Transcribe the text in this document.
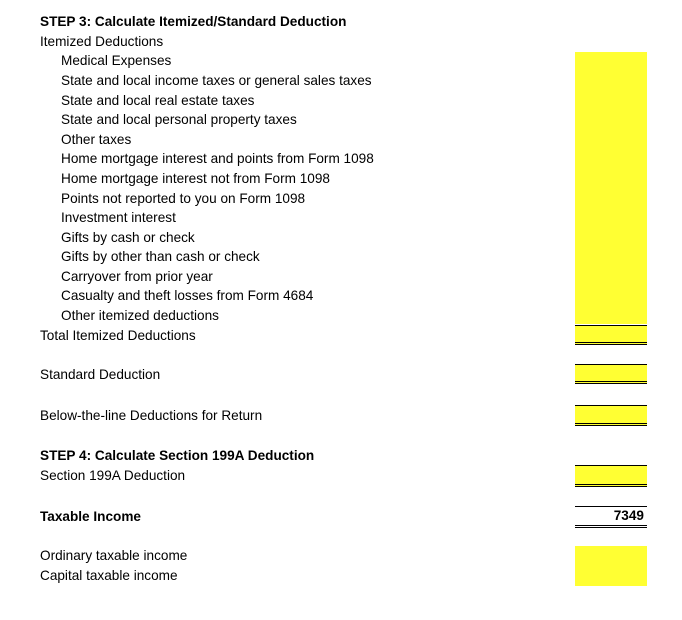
STEP 3: Calculate Itemized/Standard Deduction
Itemized Deductions
Medical Expenses
State and local income taxes or general sales taxes
State and local real estate taxes
State and local personal property taxes
Other taxes
Home mortgage interest and points from Form 1098
Home mortgage interest not from Form 1098
Points not reported to you on Form 1098
Investment interest
Gifts by cash or check
Gifts by other than cash or check
Carryover from prior year
Casualty and theft losses from Form 4684
Other itemized deductions
Total Itemized Deductions
Standard Deduction
Below-the-line Deductions for Return
STEP 4: Calculate Section 199A Deduction
Section 199A Deduction
Taxable Income
Ordinary taxable income
Capital taxable income
7349
